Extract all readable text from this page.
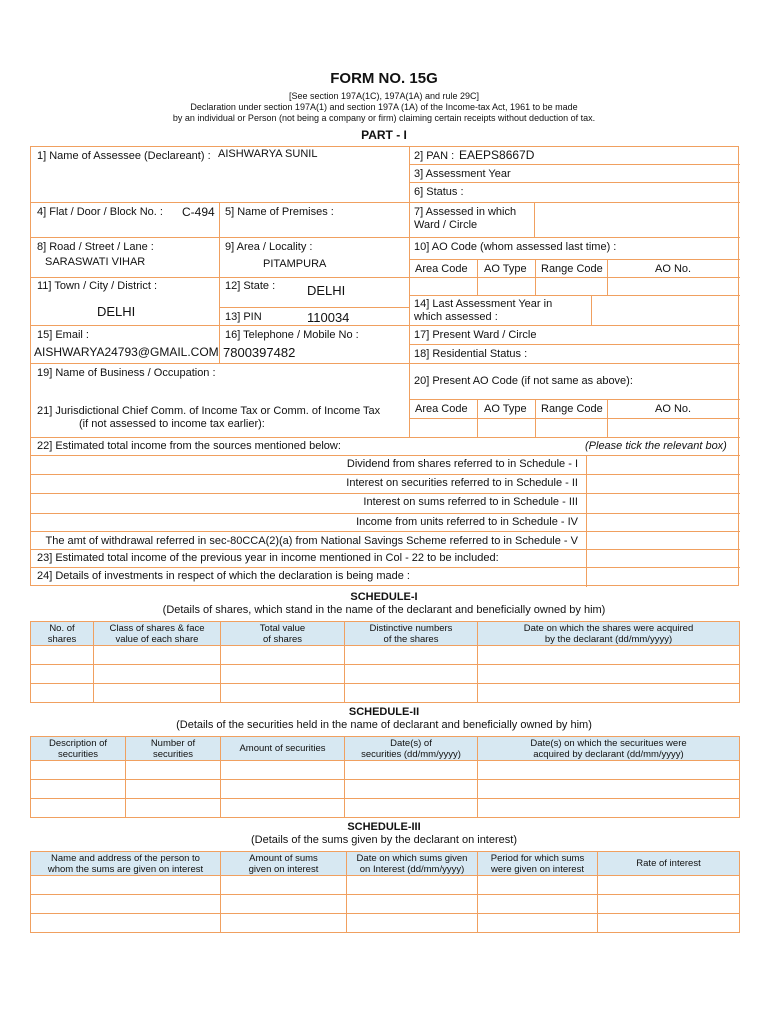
FORM NO. 15G
[See section 197A(1C), 197A(1A) and rule 29C]
Declaration under section 197A(1) and section 197A (1A) of the Income-tax Act, 1961 to be made
by an individual or Person (not being a company or firm) claiming certain receipts without deduction of tax.
PART - I
1] Name of Assessee (Declareant) : AISHWARYA SUNIL	2] PAN : EAEPS8667D
3] Assessment Year
6] Status :
4] Flat / Door / Block No. : C-494 5] Name of Premises :	7] Assessed in which
Ward / Circle
8] Road / Street / Lane :
SARASWATI VIHAR
9] Area / Locality :
PITAMPURA
10] AO Code (whom assessed last time) :
Area Code AO Type Range Code	AO No.
11] Town / City / District :
DELHI
12] State : DELHI
13] PIN	110034
14] Last Assessment Year in
which assessed :
15] Email :
AISHWARYA24793@GMAIL.COM
16] Telephone / Mobile No :
7800397482
17] Present Ward / Circle
18] Residential Status :
19] Name of Business / Occupation :
20] Present AO Code (if not same as above):
Area Code AO Type Range Code	AO No.
21] Jurisdictional Chief Comm. of Income Tax or Comm. of Income Tax
(if not assessed to income tax earlier):
22] Estimated total income from the sources mentioned below:	(Please tick the relevant box)
Dividend from shares referred to in Schedule - I
Interest on securities referred to in Schedule - II
Interest on sums referred to in Schedule - III
Income from units referred to in Schedule - IV
The amt of withdrawal referred in sec-80CCA(2)(a) from National Savings Scheme referred to in Schedule - V
23] Estimated total income of the previous year in income mentioned in Col - 22 to be included:
24] Details of investments in respect of which the declaration is being made :
SCHEDULE-I
(Details of shares, which stand in the name of the declarant and beneficially owned by him)
No. of
shares	Class of shares & face
value of each share	Total value
of shares	Distinctive numbers
of the shares	Date on which the shares were acquired
by the declarant (dd/mm/yyyy)

SCHEDULE-II
(Details of the securities held in the name of declarant and beneficially owned by him)
Description of
securities	Number of
securities	Amount of securities	Date(s) of
securities (dd/mm/yyyy)	Date(s) on which the securitues were
acquired by declarant (dd/mm/yyyy)

SCHEDULE-III
(Details of the sums given by the declarant on interest)
Name and address of the person to
whom the sums are given on interest	Amount of sums
given on interest	Date on which sums given
on Interest (dd/mm/yyyy)	Period for which sums
were given on interest	Rate of interest
